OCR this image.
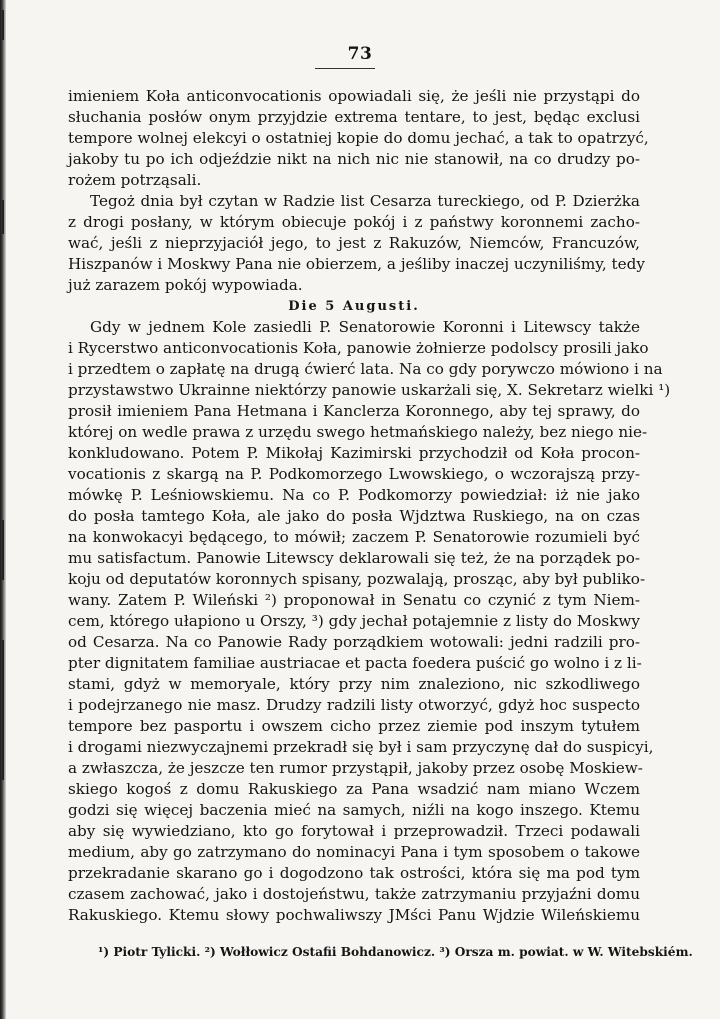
73
imieniem Koła anticonvocationis opowiadali się, że jeśli nie przystąpi do
słuchania posłów onym przyjdzie extrema tentare, to jest, będąc exclusi
tempore wolnej elekcyi o ostatniej kopie do domu jechać, a tak to opatrzyć,
jakoby tu po ich odjeździe nikt na nich nic nie stanowił, na co drudzy po-
rożem potrząsali.
Tegoż dnia był czytan w Radzie list Cesarza tureckiego, od P. Dzierżka
z drogi posłany, w którym obiecuje pokój i z państwy koronnemi zacho-
wać, jeśli z nieprzyjaciół jego, to jest z Rakuzów, Niemców, Francuzów,
Hiszpanów i Moskwy Pana nie obierzem, a jeśliby inaczej uczyniliśmy, tedy
już zarazem pokój wypowiada.
Die 5 Augusti.
Gdy w jednem Kole zasiedli P. Senatorowie Koronni i Litewscy także
i Rycerstwo anticonvocationis Koła, panowie żołnierze podolscy prosili jako
i przedtem o zapłatę na drugą ćwierć lata. Na co gdy porywczo mówiono i na
przystawstwo Ukrainne niektórzy panowie uskarżali się, X. Sekretarz wielki ¹)
prosił imieniem Pana Hetmana i Kanclerza Koronnego, aby tej sprawy, do
której on wedle prawa z urzędu swego hetmańskiego należy, bez niego nie-
konkludowano. Potem P. Mikołaj Kazimirski przychodził od Koła procon-
vocationis z skargą na P. Podkomorzego Lwowskiego, o wczorajszą przy-
mówkę P. Leśniowskiemu. Na co P. Podkomorzy powiedział: iż nie jako
do posła tamtego Koła, ale jako do posła Wjdztwa Ruskiego, na on czas
na konwokacyi będącego, to mówił; zaczem P. Senatorowie rozumieli być
mu satisfactum. Panowie Litewscy deklarowali się też, że na porządek po-
koju od deputatów koronnych spisany, pozwalają, prosząc, aby był publiko-
wany. Zatem P. Wileński ²) proponował in Senatu co czynić z tym Niem-
cem, którego ułapiono u Orszy, ³) gdy jechał potajemnie z listy do Moskwy
od Cesarza. Na co Panowie Rady porządkiem wotowali: jedni radzili pro-
pter dignitatem familiae austriacae et pacta foedera puścić go wolno i z li-
stami, gdyż w memoryale, który przy nim znaleziono, nic szkodliwego
i podejrzanego nie masz. Drudzy radzili listy otworzyć, gdyż hoc suspecto
tempore bez pasportu i owszem cicho przez ziemie pod inszym tytułem
i drogami niezwyczajnemi przekradł się był i sam przyczynę dał do suspicyi,
a zwłaszcza, że jeszcze ten rumor przystąpił, jakoby przez osobę Moskiew-
skiego kogoś z domu Rakuskiego za Pana wsadzić nam miano Wczem
godzi się więcej baczenia mieć na samych, niźli na kogo inszego. Ktemu
aby się wywiedziano, kto go forytował i przeprowadził. Trzeci podawali
medium, aby go zatrzymano do nominacyi Pana i tym sposobem o takowe
przekradanie skarano go i dogodzono tak ostrości, która się ma pod tym
czasem zachować, jako i dostojeństwu, także zatrzymaniu przyjaźni domu
Rakuskiego. Ktemu słowy pochwaliwszy JMści Panu Wjdzie Wileńskiemu
¹) Piotr Tylicki. ²) Wołłowicz Ostafii Bohdanowicz. ³) Orsza m. powiat. w W. Witebskiém.
